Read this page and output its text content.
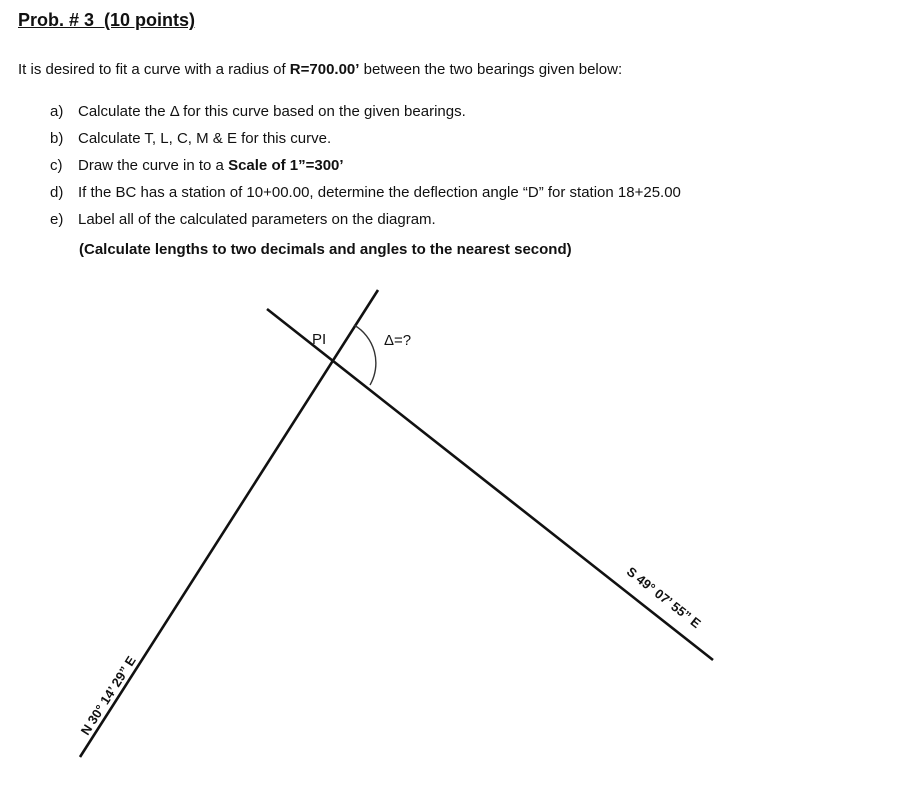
Prob. # 3  (10 points)
It is desired to fit a curve with a radius of R=700.00’ between the two bearings given below:
a) Calculate the Δ for this curve based on the given bearings.
b) Calculate T, L, C, M & E for this curve.
c) Draw the curve in to a Scale of 1”=300’
d) If the BC has a station of 10+00.00, determine the deflection angle “D” for station 18+25.00
e) Label all of the calculated parameters on the diagram.
(Calculate lengths to two decimals and angles to the nearest second)
PI	Δ=?
N 30° 14’ 29” E
S 49° 07’ 55” E
